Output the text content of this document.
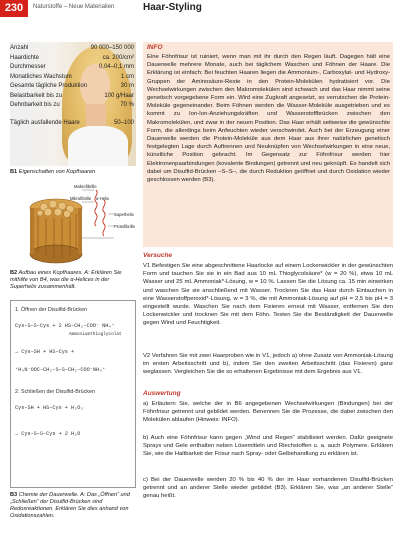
230	Naturstoffe – Neue Materialien	Haar-Styling
Anzahl	90 000–150 000
Haardichte	ca. 200/cm²
Durchmesser	0,04–0,1 mm
Monatliches Wachstum	1 cm
Gesamte tägliche Produktion	30 m
Belastbarkeit bis zu	100 g/Haar
Dehnbarkeit bis zu	70 %
Täglich ausfallende Haare	50–100
B1 Eigenschaften von Kopfhaaren
Makrofibrille
α-Helix
Mikrofibrille
Superhelix
Protofibrille
B2 Aufbau eines Kopfhaares. A: Erklären Sie mithilfe von B4, was die α-Helices in der Superhelix zusammenhält.
1. Öffnen der Disulfid-Brücken
Cys–S–S–Cys + 2 HS–CH₂–COO⁻ NH₄⁺
Ammoniumthioglycolat
→ Cys–SH + HS–Cys +
⁺H₄N⁻OOC–CH₂–S–S–CH₂–COO⁻NH₄⁺
2. Schließen der Disulfid-Brücken
Cys–SH + HS–Cys + H₂O₂
→ Cys–S–S–Cys + 2 H₂O
B3 Chemie der Dauerwelle. A: Das „Öffnen“ und „Schließen“ der Disulfid-Brücken sind Redoxreaktionen. Erklären Sie dies anhand von Oxidationszahlen.
INFO
Eine Föhnfrisur ist ruiniert, wenn man mit ihr durch den Regen läuft. Dagegen hält eine Dauerwelle mehrere Monate, auch bei täglichem Waschen und Föhnen der Haare. Die Erklärung ist einfach: Bei feuchten Haaren liegen die Ammonium-, Carboxylat- und Hydroxy-Gruppen der Aminosäure-Reste in den Protein-Molekülen hydratisiert vor. Die Wechselwirkungen zwischen den Makromolekülen sind schwach und das Haar nimmt seine genetisch vorgegebene Form ein. Wird eine Zugkraft angesetzt, so verrutschen die Protein-Moleküle gegeneinander. Beim Föhnen werden die Wasser-Moleküle ausgetrieben und es kommt zu Ion-Ion-Anziehungskräften und Wasserstoffbrücken zwischen den Makromolekülen, und zwar in der neuen Position. Das Haar erhält seitweise die gewünschte Form, die allerdings beim Anfeuchten wieder verschwindet. Auch bei der Erzeugung einer Dauerwelle werden die Protein-Moleküle aus dem Haar aus ihrer natürlichen genetisch festgelegten Lage durch Auftrennen und Neuknüpfen von Wechselwirkungen in eine neue, künstliche Position gebracht. Im Gegensatz zur Föhnfrisur werden hier Elektronenpaarbindungen (kovalente Bindungen) getrennt und neu geknüpft. Es handelt sich dabei um Disulfid-Brücken –S–S–, die durch Reduktion geöffnet und durch Oxidation wieder geschlossen werden (B3).
Versuche
V1 Befestigen Sie eine abgeschnittene Haarlocke auf einem Lockenwickler in der gewünschten Form und tauchen Sie sie in ein Bad aus 10 mL Thioglycolsäure* (w = 20 %), etwa 10 mL Wasser und 25 mL Ammoniak*-Lösung, w = 10 %. Lassen Sie die Lösung ca. 15 min einwirken und waschen Sie sie anschließend mit Wasser. Trocknen Sie das Haar durch Eintauchen in eine Wasserstoffperoxid*-Lösung, w = 3 %, die mit Ammoniak-Lösung auf pH = 2,5 bis pH = 3 eingestellt wurde. Waschen Sie nach dem Fixieren erneut mit Wasser, entfernen Sie den Lockenwickler und trocknen Sie mit dem Föhn. Testen Sie die Beständigkeit der Dauerwelle gegen Wind und Feuchtigkeit.
V2 Verfahren Sie mit zwei Haarproben wie in V1, jedoch a) ohne Zusatz von Ammoniak-Lösung im ersten Arbeitsschritt und b), indem Sie den zweiten Arbeitsschritt (das Fixieren) ganz weglassen. Vergleichen Sie die so erhaltenen Ergebnisse mit dem Ergebnis aus V1.
Auswertung
a) Erläutern Sie, welche der in B6 angegebenen Wechselwirkungen (Bindungen) bei der Föhnfrisur getrennt und gebildet werden. Benennen Sie die Prozesse, die dabei zwischen den Molekülen ablaufen (Hinweis: INFO).
b) Auch eine Föhnfrisur kann gegen „Wind und Regen“ stabilisiert werden. Dafür geeignete Sprays und Gele enthalten neben Lösemitteln und Riechstoffen u. a. auch Polymere. Erklären Sie, wie die Haltbarkeit der Frisur nach Spray- oder Gelbehandlung zu erklären ist.
c) Bei der Dauerwelle werden 20 % bis 40 % der im Haar vorhandenen Disulfid-Brücken getrennt und an anderer Stelle wieder gebildet (B3). Erklären Sie, was „an anderer Stelle“ genau heißt.
